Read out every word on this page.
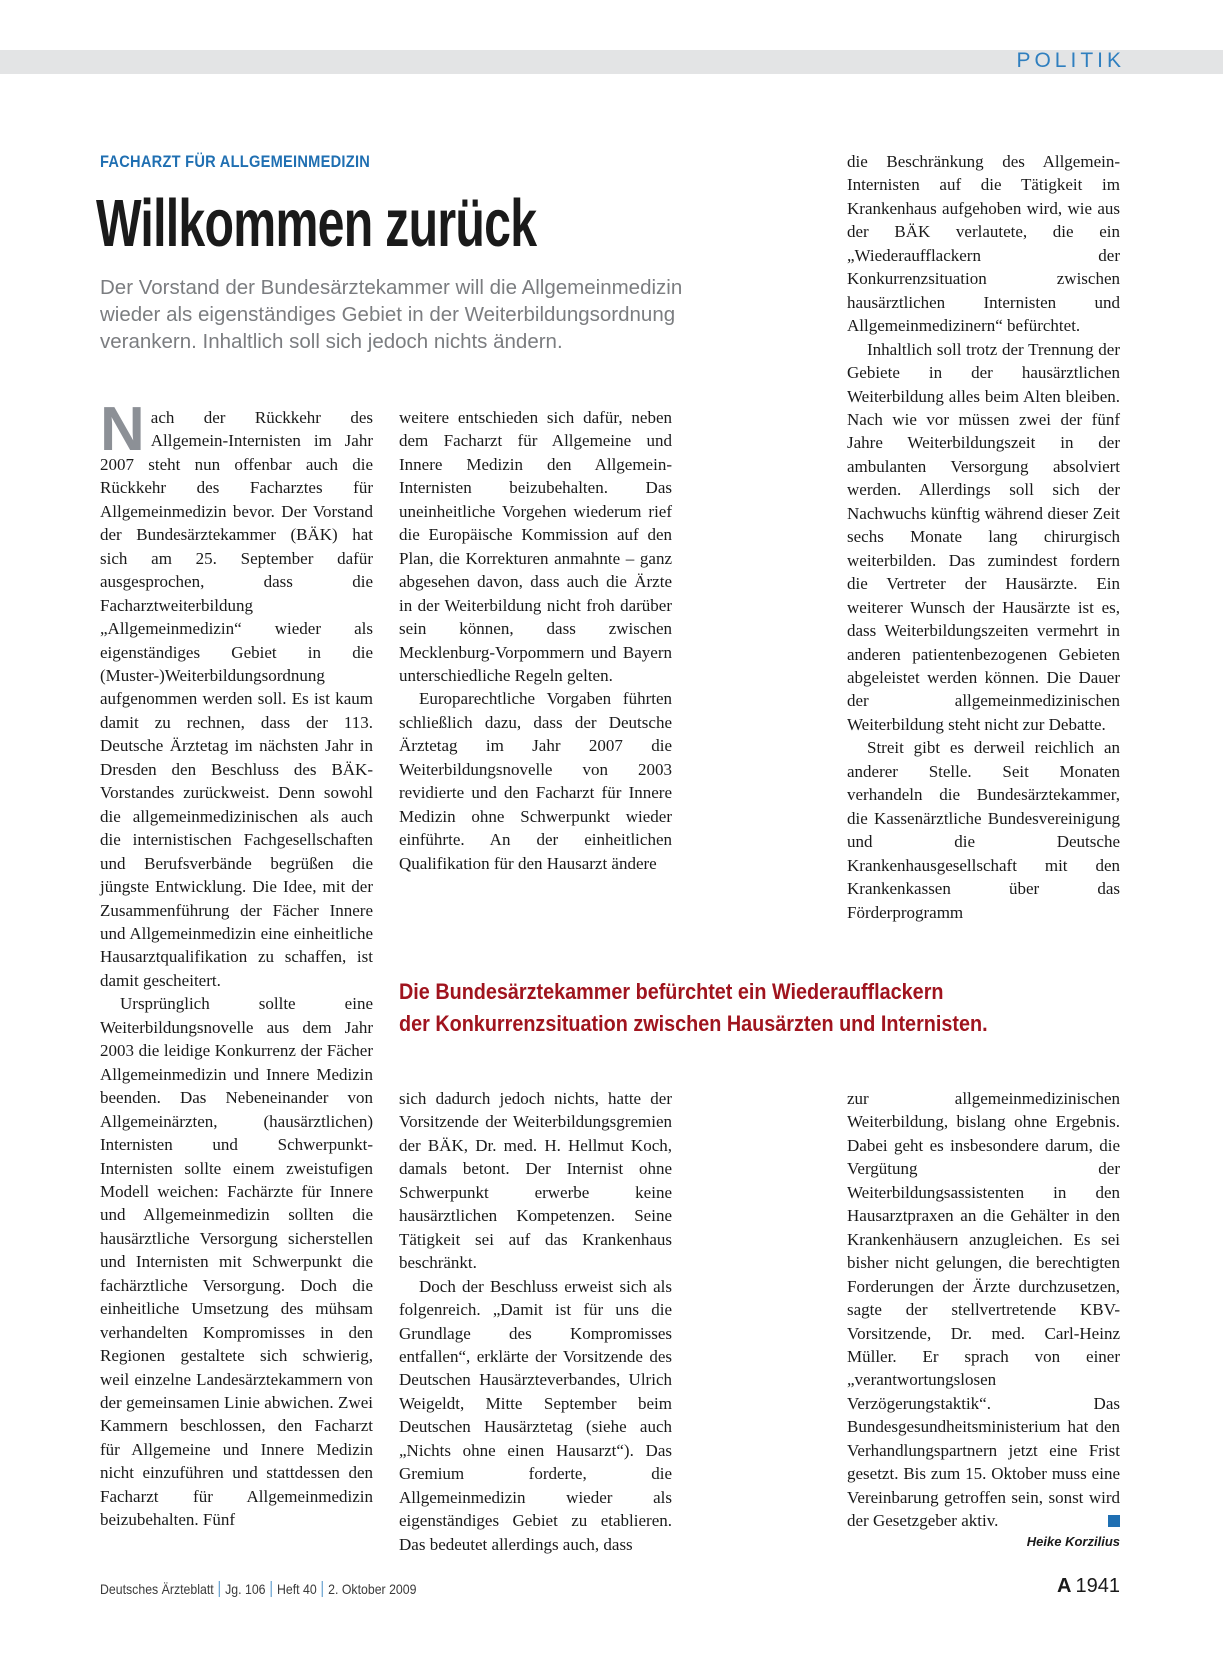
POLITIK
FACHARZT FÜR ALLGEMEINMEDIZIN
Willkommen zurück
Der Vorstand der Bundesärztekammer will die Allgemeinmedizin
wieder als eigenständiges Gebiet in der Weiterbildungsordnung
verankern. Inhaltlich soll sich jedoch nichts ändern.

Nach der Rückkehr des Allgemein-Internisten im Jahr 2007 steht nun offenbar auch die Rückkehr des Facharztes für Allgemeinmedizin bevor. Der Vorstand der Bundesärztekammer (BÄK) hat sich am 25. September dafür ausgesprochen, dass die Facharztweiterbildung „Allgemeinmedizin“ wieder als eigenständiges Gebiet in die (Muster-)Weiterbildungsordnung aufgenommen werden soll. Es ist kaum damit zu rechnen, dass der 113. Deutsche Ärztetag im nächsten Jahr in Dresden den Beschluss des BÄK-Vorstandes zurückweist. Denn sowohl die allgemeinmedizinischen als auch die internistischen Fachgesellschaften und Berufsverbände begrüßen die jüngste Entwicklung. Die Idee, mit der Zusammenführung der Fächer Innere und Allgemeinmedizin eine einheitliche Hausarztqualifikation zu schaffen, ist damit gescheitert.

Ursprünglich sollte eine Weiterbildungsnovelle aus dem Jahr 2003 die leidige Konkurrenz der Fächer Allgemeinmedizin und Innere Medizin beenden. Das Nebeneinander von Allgemeinärzten, (hausärztlichen) Internisten und Schwerpunkt-Internisten sollte einem zweistufigen Modell weichen: Fachärzte für Innere und Allgemeinmedizin sollten die hausärztliche Versorgung sicherstellen und Internisten mit Schwerpunkt die fachärztliche Versorgung. Doch die einheitliche Umsetzung des mühsam verhandelten Kompromisses in den Regionen gestaltete sich schwierig, weil einzelne Landesärztekammern von der gemeinsamen Linie abwichen. Zwei Kammern beschlossen, den Facharzt für Allgemeine und Innere Medizin nicht einzuführen und stattdessen den Facharzt für Allgemeinmedizin beizubehalten. Fünf

weitere entschieden sich dafür, neben dem Facharzt für Allgemeine und Innere Medizin den Allgemein-Internisten beizubehalten. Das uneinheitliche Vorgehen wiederum rief die Europäische Kommission auf den Plan, die Korrekturen anmahnte – ganz abgesehen davon, dass auch die Ärzte in der Weiterbildung nicht froh darüber sein können, dass zwischen Mecklenburg-Vorpommern und Bayern unterschiedliche Regeln gelten.

Europarechtliche Vorgaben führten schließlich dazu, dass der Deutsche Ärztetag im Jahr 2007 die Weiterbildungsnovelle von 2003 revidierte und den Facharzt für Innere Medizin ohne Schwerpunkt wieder einführte. An der einheitlichen Qualifikation für den Hausarzt ändere

die Beschränkung des Allgemein-Internisten auf die Tätigkeit im Krankenhaus aufgehoben wird, wie aus der BÄK verlautete, die ein „Wiederaufflackern der Konkurrenzsituation zwischen hausärztlichen Internisten und Allgemeinmedizinern“ befürchtet.

Inhaltlich soll trotz der Trennung der Gebiete in der hausärztlichen Weiterbildung alles beim Alten bleiben. Nach wie vor müssen zwei der fünf Jahre Weiterbildungszeit in der ambulanten Versorgung absolviert werden. Allerdings soll sich der Nachwuchs künftig während dieser Zeit sechs Monate lang chirurgisch weiterbilden. Das zumindest fordern die Vertreter der Hausärzte. Ein weiterer Wunsch der Hausärzte ist es, dass Weiterbildungszeiten vermehrt in anderen patientenbezogenen Gebieten abgeleistet werden können. Die Dauer der allgemeinmedizinischen Weiterbildung steht nicht zur Debatte.

Streit gibt es derweil reichlich an anderer Stelle. Seit Monaten verhandeln die Bundesärztekammer, die Kassenärztliche Bundesvereinigung und die Deutsche Krankenhausgesellschaft mit den Krankenkassen über das Förderprogramm

Die Bundesärztekammer befürchtet ein Wiederaufflackern
der Konkurrenzsituation zwischen Hausärzten und Internisten.

sich dadurch jedoch nichts, hatte der Vorsitzende der Weiterbildungsgremien der BÄK, Dr. med. H. Hellmut Koch, damals betont. Der Internist ohne Schwerpunkt erwerbe keine hausärztlichen Kompetenzen. Seine Tätigkeit sei auf das Krankenhaus beschränkt.

Doch der Beschluss erweist sich als folgenreich. „Damit ist für uns die Grundlage des Kompromisses entfallen“, erklärte der Vorsitzende des Deutschen Hausärzteverbandes, Ulrich Weigeldt, Mitte September beim Deutschen Hausärztetag (siehe auch „Nichts ohne einen Hausarzt“). Das Gremium forderte, die Allgemeinmedizin wieder als eigenständiges Gebiet zu etablieren. Das bedeutet allerdings auch, dass

zur allgemeinmedizinischen Weiterbildung, bislang ohne Ergebnis. Dabei geht es insbesondere darum, die Vergütung der Weiterbildungsassistenten in den Hausarztpraxen an die Gehälter in den Krankenhäusern anzugleichen. Es sei bisher nicht gelungen, die berechtigten Forderungen der Ärzte durchzusetzen, sagte der stellvertretende KBV-Vorsitzende, Dr. med. Carl-Heinz Müller. Er sprach von einer „verantwortungslosen Verzögerungstaktik“. Das Bundesgesundheitsministerium hat den Verhandlungspartnern jetzt eine Frist gesetzt. Bis zum 15. Oktober muss eine Vereinbarung getroffen sein, sonst wird der Gesetzgeber aktiv.

Heike Korzilius
Deutsches Ärzteblatt Jg. 106 Heft 40 2. Oktober 2009	A 1941
